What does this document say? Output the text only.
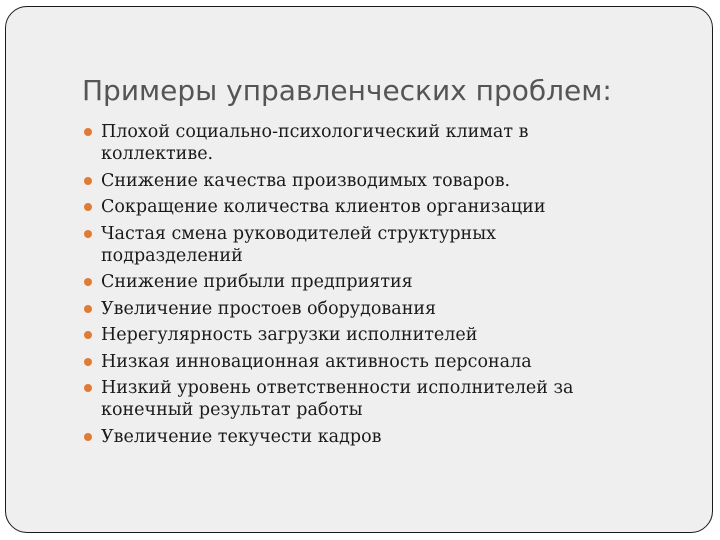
Примеры управленческих проблем:
Плохой социально-психологический климат в коллективе.
Снижение качества производимых товаров.
Сокращение количества клиентов организации
Частая смена руководителей структурных подразделений
Снижение прибыли предприятия
Увеличение простоев оборудования
Нерегулярность загрузки исполнителей
Низкая инновационная активность персонала
Низкий уровень ответственности исполнителей за конечный результат работы
Увеличение текучести кадров
